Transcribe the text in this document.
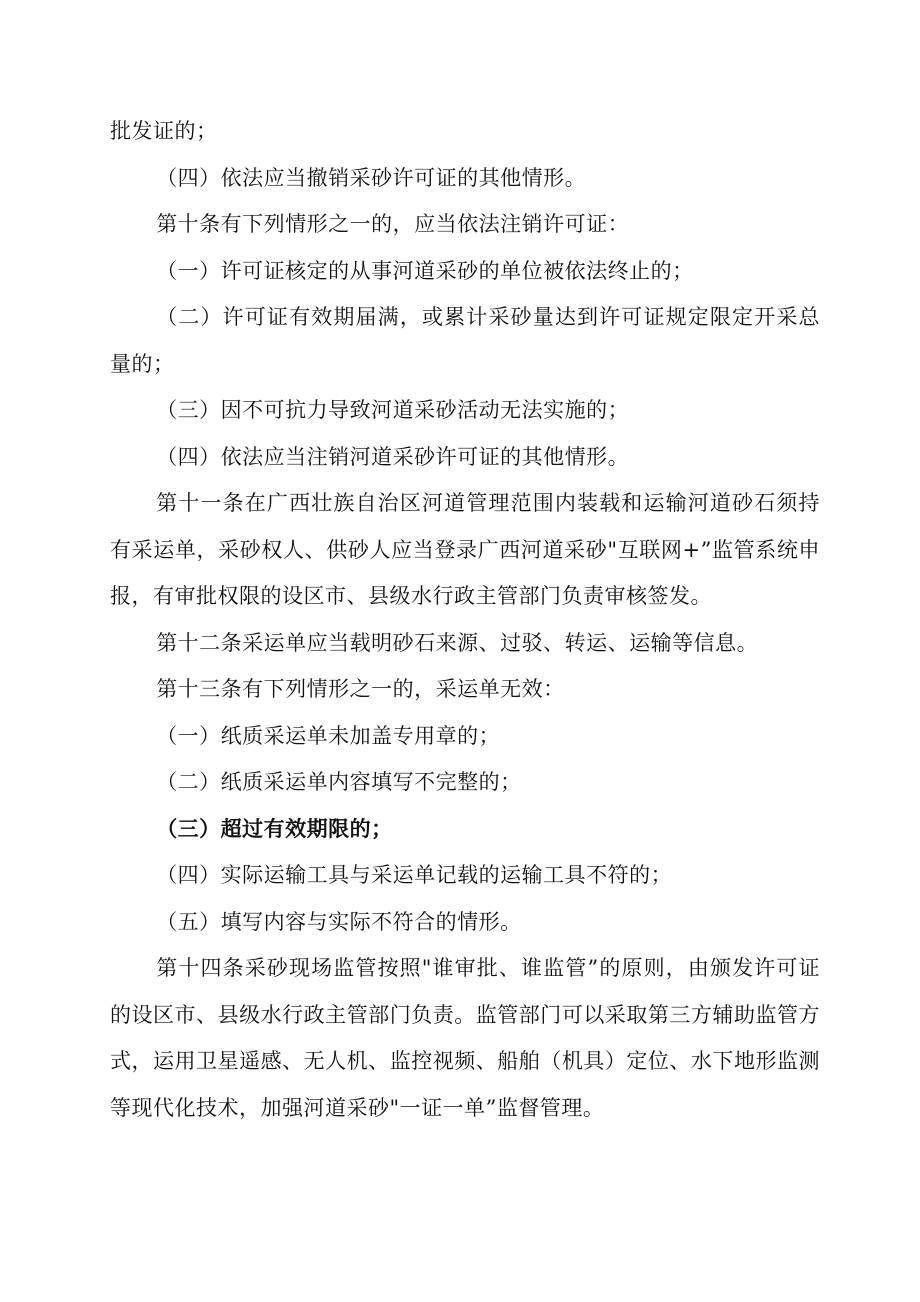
批发证的；

（四）依法应当撤销采砂许可证的其他情形。

第十条有下列情形之一的，应当依法注销许可证：

（一）许可证核定的从事河道采砂的单位被依法终止的；

（二）许可证有效期届满，或累计采砂量达到许可证规定限定开采总量的；

（三）因不可抗力导致河道采砂活动无法实施的；

（四）依法应当注销河道采砂许可证的其他情形。

第十一条在广西壮族自治区河道管理范围内装载和运输河道砂石须持有采运单，采砂权人、供砂人应当登录广西河道采砂"互联网+”监管系统申报，有审批权限的设区市、县级水行政主管部门负责审核签发。

第十二条采运单应当载明砂石来源、过驳、转运、运输等信息。

第十三条有下列情形之一的，采运单无效：

（一）纸质采运单未加盖专用章的；

（二）纸质采运单内容填写不完整的；

（三）超过有效期限的；

（四）实际运输工具与采运单记载的运输工具不符的；

（五）填写内容与实际不符合的情形。

第十四条采砂现场监管按照"谁审批、谁监管”的原则，由颁发许可证的设区市、县级水行政主管部门负责。监管部门可以采取第三方辅助监管方式，运用卫星遥感、无人机、监控视频、船舶（机具）定位、水下地形监测等现代化技术，加强河道采砂"一证一单”监督管理。
